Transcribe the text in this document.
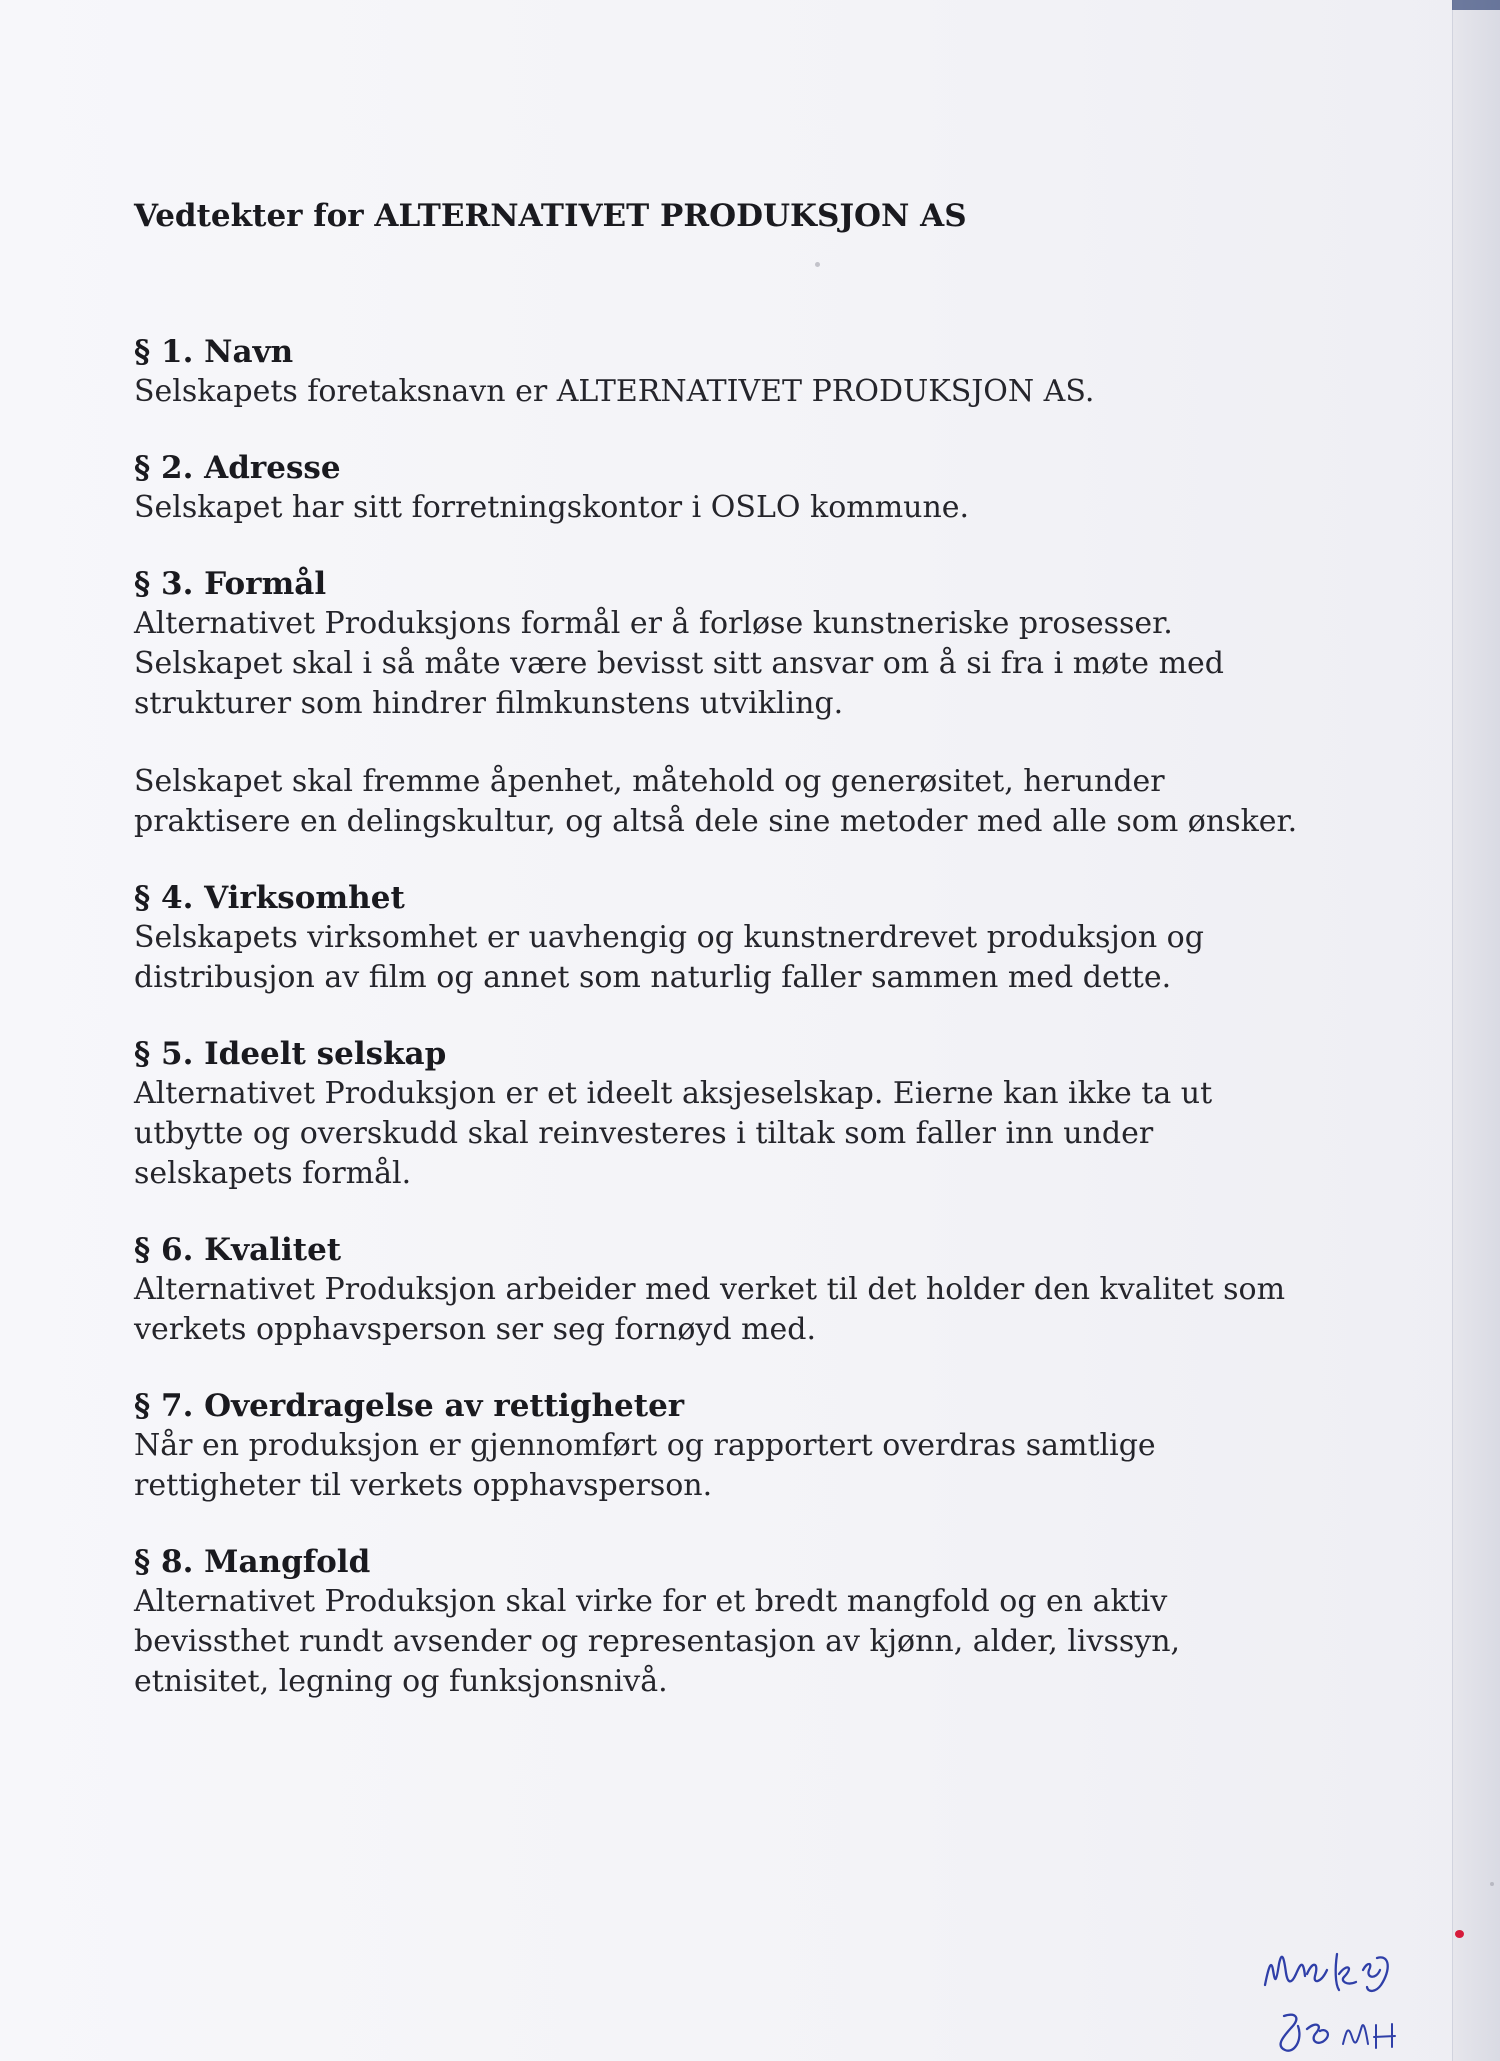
Vedtekter for ALTERNATIVET PRODUKSJON AS
§ 1. Navn

Selskapets foretaksnavn er ALTERNATIVET PRODUKSJON AS.

§ 2. Adresse

Selskapet har sitt forretningskontor i OSLO kommune.

§ 3. Formål

Alternativet Produksjons formål er å forløse kunstneriske prosesser.
Selskapet skal i så måte være bevisst sitt ansvar om å si fra i møte med
strukturer som hindrer filmkunstens utvikling.

Selskapet skal fremme åpenhet, måtehold og generøsitet, herunder
praktisere en delingskultur, og altså dele sine metoder med alle som ønsker.

§ 4. Virksomhet

Selskapets virksomhet er uavhengig og kunstnerdrevet produksjon og
distribusjon av film og annet som naturlig faller sammen med dette.

§ 5. Ideelt selskap

Alternativet Produksjon er et ideelt aksjeselskap. Eierne kan ikke ta ut
utbytte og overskudd skal reinvesteres i tiltak som faller inn under
selskapets formål.

§ 6. Kvalitet

Alternativet Produksjon arbeider med verket til det holder den kvalitet som
verkets opphavsperson ser seg fornøyd med.

§ 7. Overdragelse av rettigheter

Når en produksjon er gjennomført og rapportert overdras samtlige
rettigheter til verkets opphavsperson.

§ 8. Mangfold

Alternativet Produksjon skal virke for et bredt mangfold og en aktiv
bevissthet rundt avsender og representasjon av kjønn, alder, livssyn,
etnisitet, legning og funksjonsnivå.
